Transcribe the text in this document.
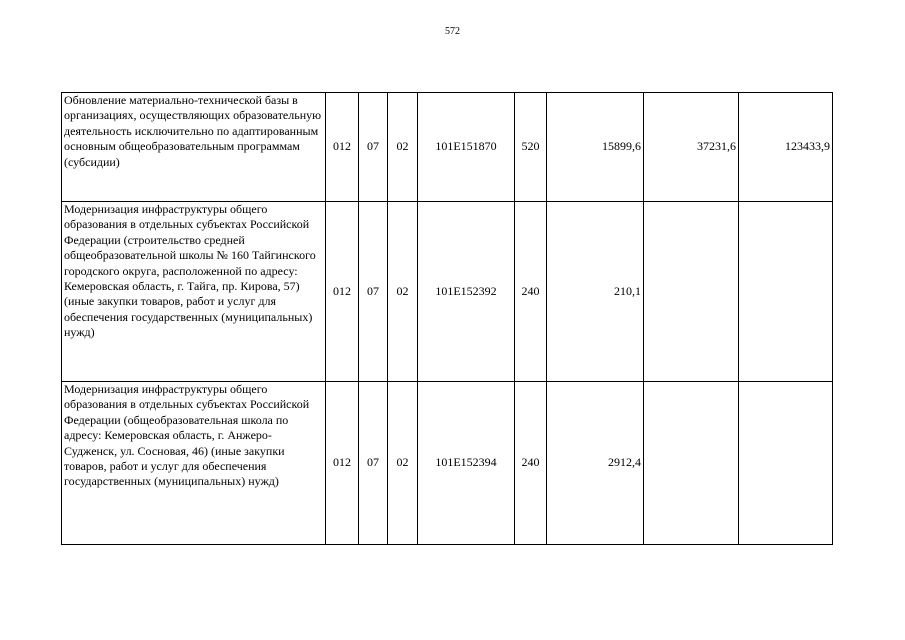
572
Обновление материально-технической базы в организациях, осуществляющих образовательную деятельность исключительно по адаптированным основным общеобразовательным программам (субсидии)	012	07	02	101E151870	520	15899,6	37231,6	123433,9
Модернизация инфраструктуры общего образования в отдельных субъектах Российской Федерации (строительство средней общеобразовательной школы № 160 Тайгинского городского округа, расположенной по адресу: Кемеровская область, г. Тайга, пр. Кирова, 57) (иные закупки товаров, работ и услуг для обеспечения государственных (муниципальных) нужд)	012	07	02	101E152392	240	210,1		
Модернизация инфраструктуры общего образования в отдельных субъектах Российской Федерации (общеобразовательная школа по адресу: Кемеровская область, г. Анжеро-Судженск, ул. Сосновая, 46) (иные закупки товаров, работ и услуг для обеспечения государственных (муниципальных) нужд)	012	07	02	101E152394	240	2912,4		
